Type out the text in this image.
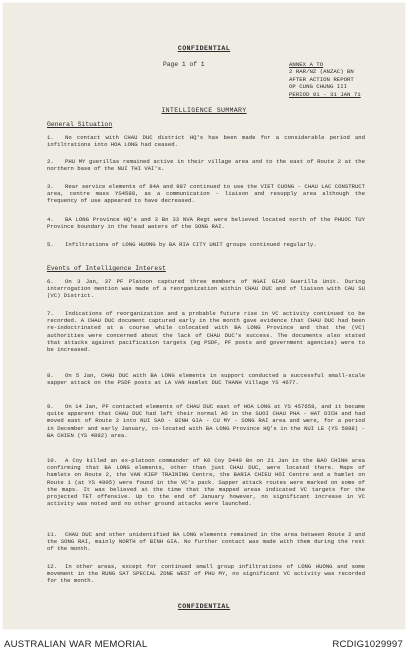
CONFIDENTIAL
Page 1 of 1	ANNEX A TO
2 RAR/NZ (ANZAC) BN
AFTER ACTION REPORT
OP CUNG CHUNG III
PERIOD 01 - 31 JAN 71
INTELLIGENCE SUMMARY
General Situation
1. No contact with CHAU DUC district HQ's has been made for a considerable period and infiltrations into HOA LONG had ceased.
2. PHU MY guerillas remained active in their village area and to the east of Route 2 at the northern base of the NUI THI VAI's.
3. Rear service elements of 84A and 987 continued to use the VIET CUONG - CHAU LAC CONSTRUCT area, centre mass YS4588, as a communication - liaison and resupply area although the frequency of use appeared to have decreased.
4. BA LONG Province HQ's and 3 Bn 33 NVA Regt were believed located north of the PHUOC TUY Province boundary in the head waters of the SONG RAI.
5. Infiltrations of LONG HUONG by BA RIA CITY UNIT groups continued regularly.
Events of Intelligence Interest
6. On 3 Jan, 37 PF Platoon captured three members of NGAI GIAO Guerilla Unit. During interrogation mention was made of a reorganization within CHAU DUC and of liaison with CAU SU (VC) District.
7. Indications of reorganization and a probable future rise in VC activity continued to be recorded. A CHAU DUC document captured early in the month gave evidence that CHAU DUC had been re-indoctrinated at a course while colocated with BA LONG Province and that the (VC) authorities were concerned about the lack of CHAU DUC's success. The documents also stated that attacks against pacification targets (eg PSDF, PF posts and government agencies) were to be increased.
8. On 5 Jan, CHAU DUC with BA LONG elements in support conducted a successful small-scale sapper attack on the PSDF posts at LA VAN Hamlet DUC THANH Village YS 4677.
9. On 14 Jan, PF contacted elements of CHAU DUC east of HOA LONG at YS 457658, and it became quite apparent that CHAU DUC had left their normal AO in the SUOI CHAU PHA - HAT DICH and had moved east of Route 2 into NUI SAO - BINH GIA - CU MY - SONG RAI area and were, for a period in December and early January, co-located with BA LONG Province HQ's in the NUI LE (YS 5088) - BA CHIEN (YS 4882) area.
10. A Coy killed an ex-platoon commander of K6 Coy D440 Bn on 21 Jan in the BAO CHINH area confirming that BA LONG elements, other than just CHAU DUC, were located there. Maps of hamlets on Route 2, the VAN KIEP TRAINING Centre, the BARIA CHIEU HOI Centre and a hamlet on Route 1 (at YS 4905) were found in the VC's pack. Sapper attack routes were marked on some of the maps. It was believed at the time that the mapped areas indicated VC targets for the projected TET offensive. Up to the end of January however, no significant increase in VC activity was noted and no other ground attacks were launched.
11. CHAU DUC and other unidentified BA LONG elements remained in the area between Route 2 and the SONG RAI, mainly NORTH of BINH GIA. No further contact was made with them during the rest of the month.
12. In other areas, except for continued small group infiltrations of LONG HUONG and some movement in the RUNG SAT SPECIAL ZONE WEST of PHU MY, no significant VC activity was recorded for the month.
CONFIDENTIAL
AUSTRALIAN WAR MEMORIAL	RCDIG1029997
